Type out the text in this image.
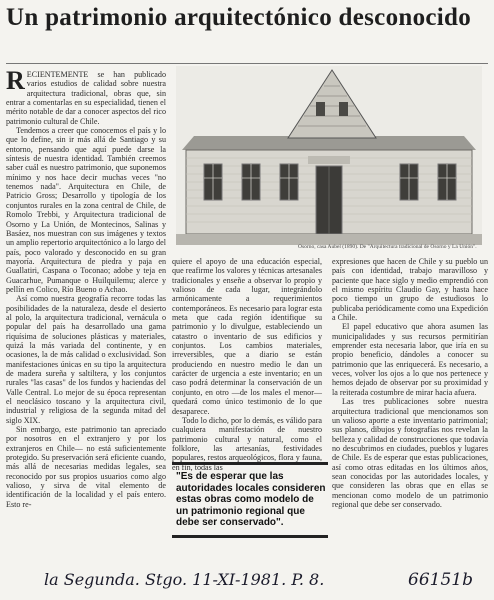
Un patrimonio arquitectónico desconocido

R ECIENTEMENTE se han publicado varios estudios de calidad sobre nuestra arquitectura tradicional, obras que, sin entrar a comentarlas en su especialidad, tienen el mérito notable de dar a conocer aspectos del rico patrimonio cultural de Chile.

Tendemos a creer que conocemos el país y lo que lo define, sin ir más allá de Santiago y su entorno, pensando que aquí puede darse la síntesis de nuestra identidad. También creemos saber cuál es nuestro patrimonio, que suponemos mínimo y nos hace decir muchas veces "no tenemos nada". Arquitectura en Chile, de Patricio Gross; Desarrollo y tipología de los conjuntos rurales en la zona central de Chile, de Romolo Trebbi, y Arquitectura tradicional de Osorno y La Unión, de Montecinos, Salinas y Basáez, nos muestran con sus imágenes y textos un amplio repertorio arquitectónico a lo largo del país, poco valorado y desconocido en su gran mayoría. Arquitectura de piedra y paja en Guallatiri, Caspana o Toconao; adobe y teja en Guacarhue, Pumanque o Huilquilemu; alerce y pellín en Colico, Río Bueno o Achao.

Así como nuestra geografía recorre todas las posibilidades de la naturaleza, desde el desierto al polo, la arquitectura tradicional, vernácula o popular del país ha desarrollado una gama riquísima de soluciones plásticas y materiales, quizá la más variada del continente, y en ocasiones, la de más calidad o exclusividad. Son manifestaciones únicas en su tipo la arquitectura de madera sureña y saltiltera, y los conjuntos rurales "las casas" de los fundos y haciendas del Valle Central. Lo mejor de su época representan el neoclásico toscano y la arquitectura civil, industrial y religiosa de la segunda mitad del siglo XIX.

Sin embargo, este patrimonio tan apreciado por nosotros en el extranjero y por los extranjeros en Chile— no está suficientemente protegido. Su preservación será eficiente cuando, más allá de necesarias medidas legales, sea reconocido por sus propios usuarios como algo valioso, y sirva de vital elemento de identificación de la localidad y el país entero. Esto re-

Osorno, casa Aubel (1890). De "Arquitectura tradicional de Osorno y La Unión".

quiere el apoyo de una educación especial, que reafirme los valores y técnicas artesanales tradicionales y enseñe a observar lo propio y valioso de cada lugar, integrándolo armónicamente a requerimientos contemporáneos. Es necesario para lograr esta meta que cada región identifique su patrimonio y lo divulgue, estableciendo un catastro o inventario de sus edificios y conjuntos. Los cambios materiales, irreversibles, que a diario se están produciendo en nuestro medio le dan un carácter de urgencia a este inventario; en un caso podrá determinar la conservación de un conjunto, en otro —de los males el menor— quedará como único testimonio de lo que desaparece.

Todo lo dicho, por lo demás, es válido para cualquiera manifestación de nuestro patrimonio cultural y natural, como el folklore, las artesanías, festividades populares, restos arqueológicos, flora y fauna, en fin, todas las

"Es de esperar que las autoridades locales consideren estas obras como modelo de un patrimonio regional que debe ser conservado".

expresiones que hacen de Chile y su pueblo un país con identidad, trabajo maravilloso y paciente que hace siglo y medio emprendió con el mismo espíritu Claudio Gay, y hasta hace poco tiempo un grupo de estudiosos lo publicaba periódicamente como una Expedición a Chile.

El papel educativo que ahora asumen las municipalidades y sus recursos permitirían emprender esta necesaria labor, que iría en su propio beneficio, dándoles a conocer su patrimonio que las enriquecerá. Es necesario, a veces, volver los ojos a lo que nos pertenece y hemos dejado de observar por su proximidad y la reiterada costumbre de mirar hacia afuera.

Las tres publicaciones sobre nuestra arquitectura tradicional que mencionamos son un valioso aporte a este inventario patrimonial; sus planos, dibujos y fotografías nos revelan la belleza y calidad de construcciones que todavía no descubrimos en ciudades, pueblos y lugares de Chile. Es de esperar que estas publicaciones, así como otras editadas en los últimos años, sean conocidas por las autoridades locales, y que consideren las obras que en ellas se mencionan como modelo de un patrimonio regional que debe ser conservado.

la Segunda. Stgo. 11-XI-1981. P. 8.	66151b
